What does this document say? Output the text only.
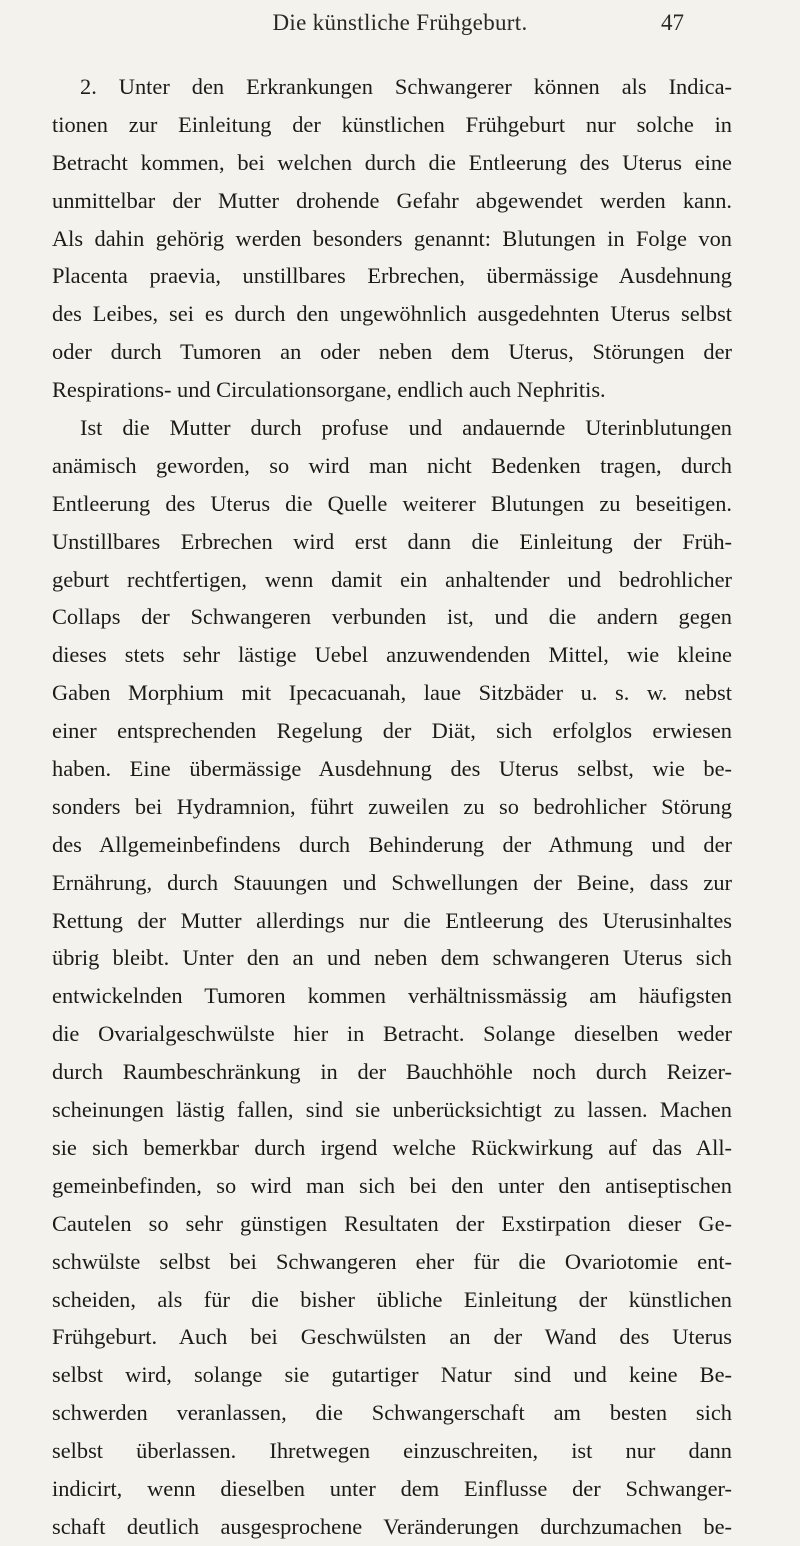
Die künstliche Frühgeburt.	47
2. Unter den Erkrankungen Schwangerer können als Indica-
tionen zur Einleitung der künstlichen Frühgeburt nur solche in
Betracht kommen, bei welchen durch die Entleerung des Uterus eine
unmittelbar der Mutter drohende Gefahr abgewendet werden kann.
Als dahin gehörig werden besonders genannt: Blutungen in Folge von
Placenta praevia, unstillbares Erbrechen, übermässige Ausdehnung
des Leibes, sei es durch den ungewöhnlich ausgedehnten Uterus selbst
oder durch Tumoren an oder neben dem Uterus, Störungen der
Respirations- und Circulationsorgane, endlich auch Nephritis.
Ist die Mutter durch profuse und andauernde Uterinblutungen
anämisch geworden, so wird man nicht Bedenken tragen, durch
Entleerung des Uterus die Quelle weiterer Blutungen zu beseitigen.
Unstillbares Erbrechen wird erst dann die Einleitung der Früh-
geburt rechtfertigen, wenn damit ein anhaltender und bedrohlicher
Collaps der Schwangeren verbunden ist, und die andern gegen
dieses stets sehr lästige Uebel anzuwendenden Mittel, wie kleine
Gaben Morphium mit Ipecacuanah, laue Sitzbäder u. s. w. nebst
einer entsprechenden Regelung der Diät, sich erfolglos erwiesen
haben. Eine übermässige Ausdehnung des Uterus selbst, wie be-
sonders bei Hydramnion, führt zuweilen zu so bedrohlicher Störung
des Allgemeinbefindens durch Behinderung der Athmung und der
Ernährung, durch Stauungen und Schwellungen der Beine, dass zur
Rettung der Mutter allerdings nur die Entleerung des Uterusinhaltes
übrig bleibt. Unter den an und neben dem schwangeren Uterus sich
entwickelnden Tumoren kommen verhältnissmässig am häufigsten
die Ovarialgeschwülste hier in Betracht. Solange dieselben weder
durch Raumbeschränkung in der Bauchhöhle noch durch Reizer-
scheinungen lästig fallen, sind sie unberücksichtigt zu lassen. Machen
sie sich bemerkbar durch irgend welche Rückwirkung auf das All-
gemeinbefinden, so wird man sich bei den unter den antiseptischen
Cautelen so sehr günstigen Resultaten der Exstirpation dieser Ge-
schwülste selbst bei Schwangeren eher für die Ovariotomie ent-
scheiden, als für die bisher übliche Einleitung der künstlichen
Frühgeburt. Auch bei Geschwülsten an der Wand des Uterus
selbst wird, solange sie gutartiger Natur sind und keine Be-
schwerden veranlassen, die Schwangerschaft am besten sich
selbst überlassen. Ihretwegen einzuschreiten, ist nur dann
indicirt, wenn dieselben unter dem Einflusse der Schwanger-
schaft deutlich ausgesprochene Veränderungen durchzumachen be-
